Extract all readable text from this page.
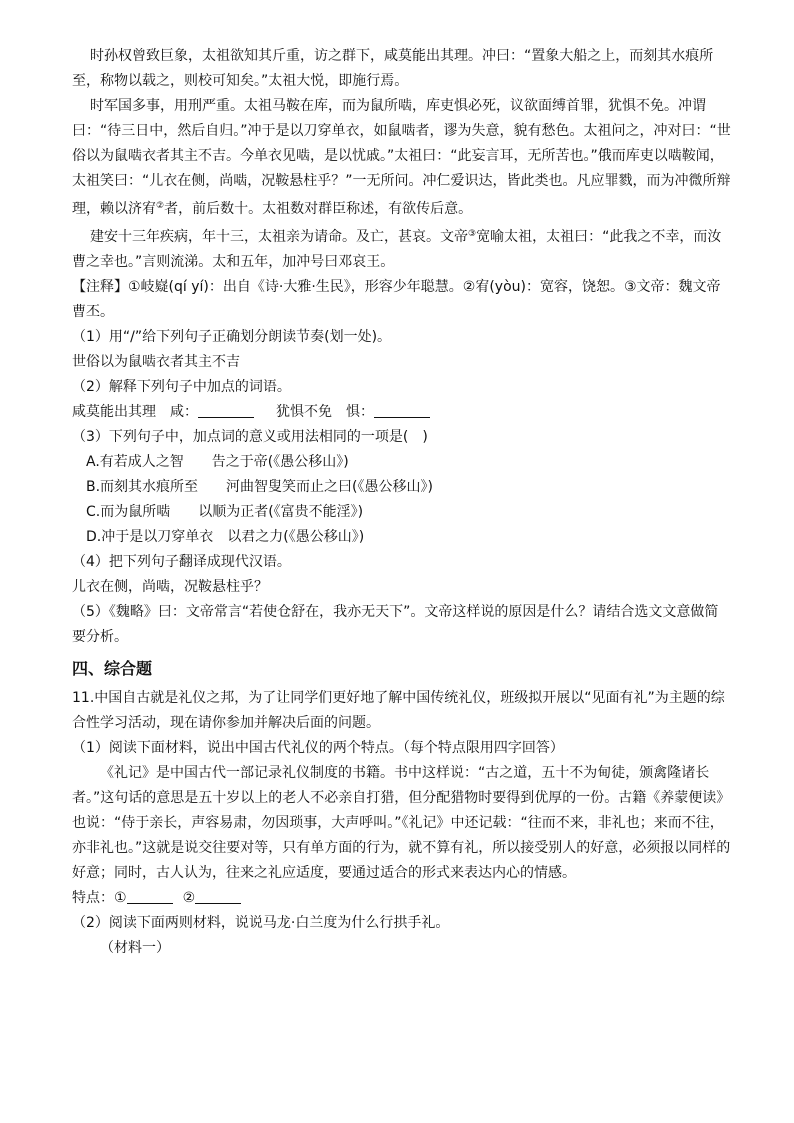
时孙权曾致巨象，太祖欲知其斤重，访之群下，咸莫能出其理。冲曰：“置象大船之上，而刻其水痕所至，称物以载之，则校可知矣。”太祖大悦，即施行焉。

时军国多事，用刑严重。太祖马鞍在库，而为鼠所啮，库吏惧必死，议欲面缚首罪，犹惧不免。冲谓曰：“待三日中，然后自归。”冲于是以刀穿单衣，如鼠啮者，谬为失意，貌有愁色。太祖问之，冲对曰：“世俗以为鼠啮衣者其主不吉。今单衣见啮，是以忧戚。”太祖曰：“此妄言耳，无所苦也。”俄而库吏以啮鞍闻，太祖笑曰：“儿衣在侧，尚啮，况鞍悬柱乎？”一无所问。冲仁爱识达，皆此类也。凡应罪戮，而为冲微所辩理，赖以济宥②者，前后数十。太祖数对群臣称述，有欲传后意。

建安十三年疾病，年十三，太祖亲为请命。及亡，甚哀。文帝③宽喻太祖，太祖曰：“此我之不幸，而汝曹之幸也。”言则流涕。太和五年，加冲号曰邓哀王。

【注释】①岐嶷(qí yí)：出自《诗·大雅·生民》，形容少年聪慧。②宥(yòu)：宽容，饶恕。③文帝：魏文帝曹丕。

（1）用“/”给下列句子正确划分朗读节奏(划一处)。

世俗以为鼠啮衣者其主不吉

（2）解释下列句子中加点的词语。

咸莫能出其理　咸：	犹惧不免　惧：

（3）下列句子中，加点词的意义或用法相同的一项是(　)

A.有若成人之智　　告之于帝(《愚公移山》)

B.而刻其水痕所至　　河曲智叟笑而止之曰(《愚公移山》)

C.而为鼠所啮　　以顺为正者(《富贵不能淫》)

D.冲于是以刀穿单衣　以君之力(《愚公移山》)

（4）把下列句子翻译成现代汉语。

儿衣在侧，尚啮，况鞍悬柱乎？

（5）《魏略》曰：文帝常言“若使仓舒在，我亦无天下”。文帝这样说的原因是什么？请结合选文文意做简要分析。

四、综合题

11.中国自古就是礼仪之邦，为了让同学们更好地了解中国传统礼仪，班级拟开展以“见面有礼”为主题的综合性学习活动，现在请你参加并解决后面的问题。

（1）阅读下面材料，说出中国古代礼仪的两个特点。（每个特点限用四字回答）

《礼记》是中国古代一部记录礼仪制度的书籍。书中这样说：“古之道，五十不为甸徒，颁禽隆诸长者。”这句话的意思是五十岁以上的老人不必亲自打猎，但分配猎物时要得到优厚的一份。古籍《养蒙便读》也说：“侍于亲长，声容易肃，勿因琐事，大声呼叫。”《礼记》中还记载：“往而不来，非礼也；来而不往，亦非礼也。”这就是说交往要对等，只有单方面的行为，就不算有礼，所以接受别人的好意，必须报以同样的好意；同时，古人认为，往来之礼应适度，要通过适合的形式来表达内心的情感。

特点：①	②

（2）阅读下面两则材料，说说马龙·白兰度为什么行拱手礼。

（材料一）
